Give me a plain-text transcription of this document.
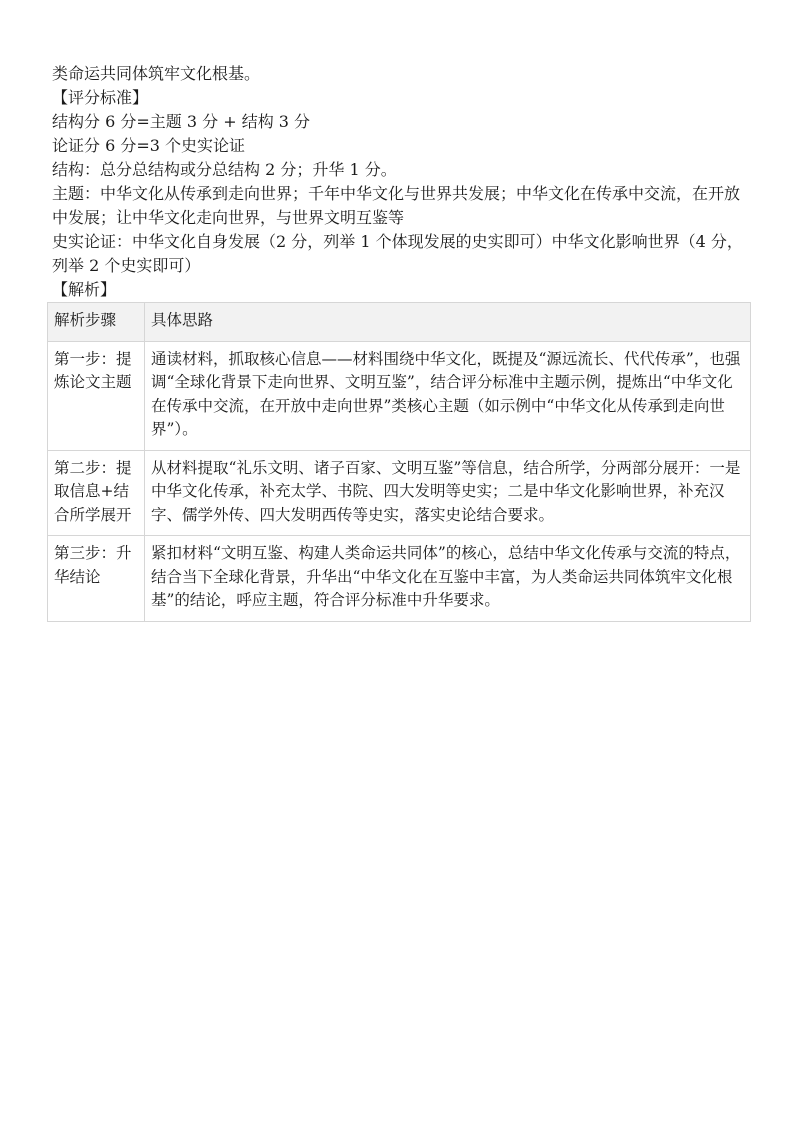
类命运共同体筑牢文化根基。

【评分标准】

结构分 6 分=主题 3 分 + 结构 3 分

论证分 6 分=3 个史实论证

结构：总分总结构或分总结构 2 分；升华 1 分。

主题：中华文化从传承到走向世界；千年中华文化与世界共发展；中华文化在传承中交流，在开放中发展；让中华文化走向世界，与世界文明互鉴等

史实论证：中华文化自身发展（2 分，列举 1 个体现发展的史实即可）中华文化影响世界（4 分，列举 2 个史实即可）

【解析】

解析步骤	具体思路
第一步：提炼论文主题	通读材料，抓取核心信息——材料围绕中华文化，既提及“源远流长、代代传承”，也强调“全球化背景下走向世界、文明互鉴”，结合评分标准中主题示例，提炼出“中华文化在传承中交流，在开放中走向世界”类核心主题（如示例中“中华文化从传承到走向世界”）。
第二步：提取信息+结合所学展开	从材料提取“礼乐文明、诸子百家、文明互鉴”等信息，结合所学，分两部分展开：一是中华文化传承，补充太学、书院、四大发明等史实；二是中华文化影响世界，补充汉字、儒学外传、四大发明西传等史实，落实史论结合要求。
第三步：升华结论	紧扣材料“文明互鉴、构建人类命运共同体”的核心，总结中华文化传承与交流的特点，结合当下全球化背景，升华出“中华文化在互鉴中丰富，为人类命运共同体筑牢文化根基”的结论，呼应主题，符合评分标准中升华要求。
